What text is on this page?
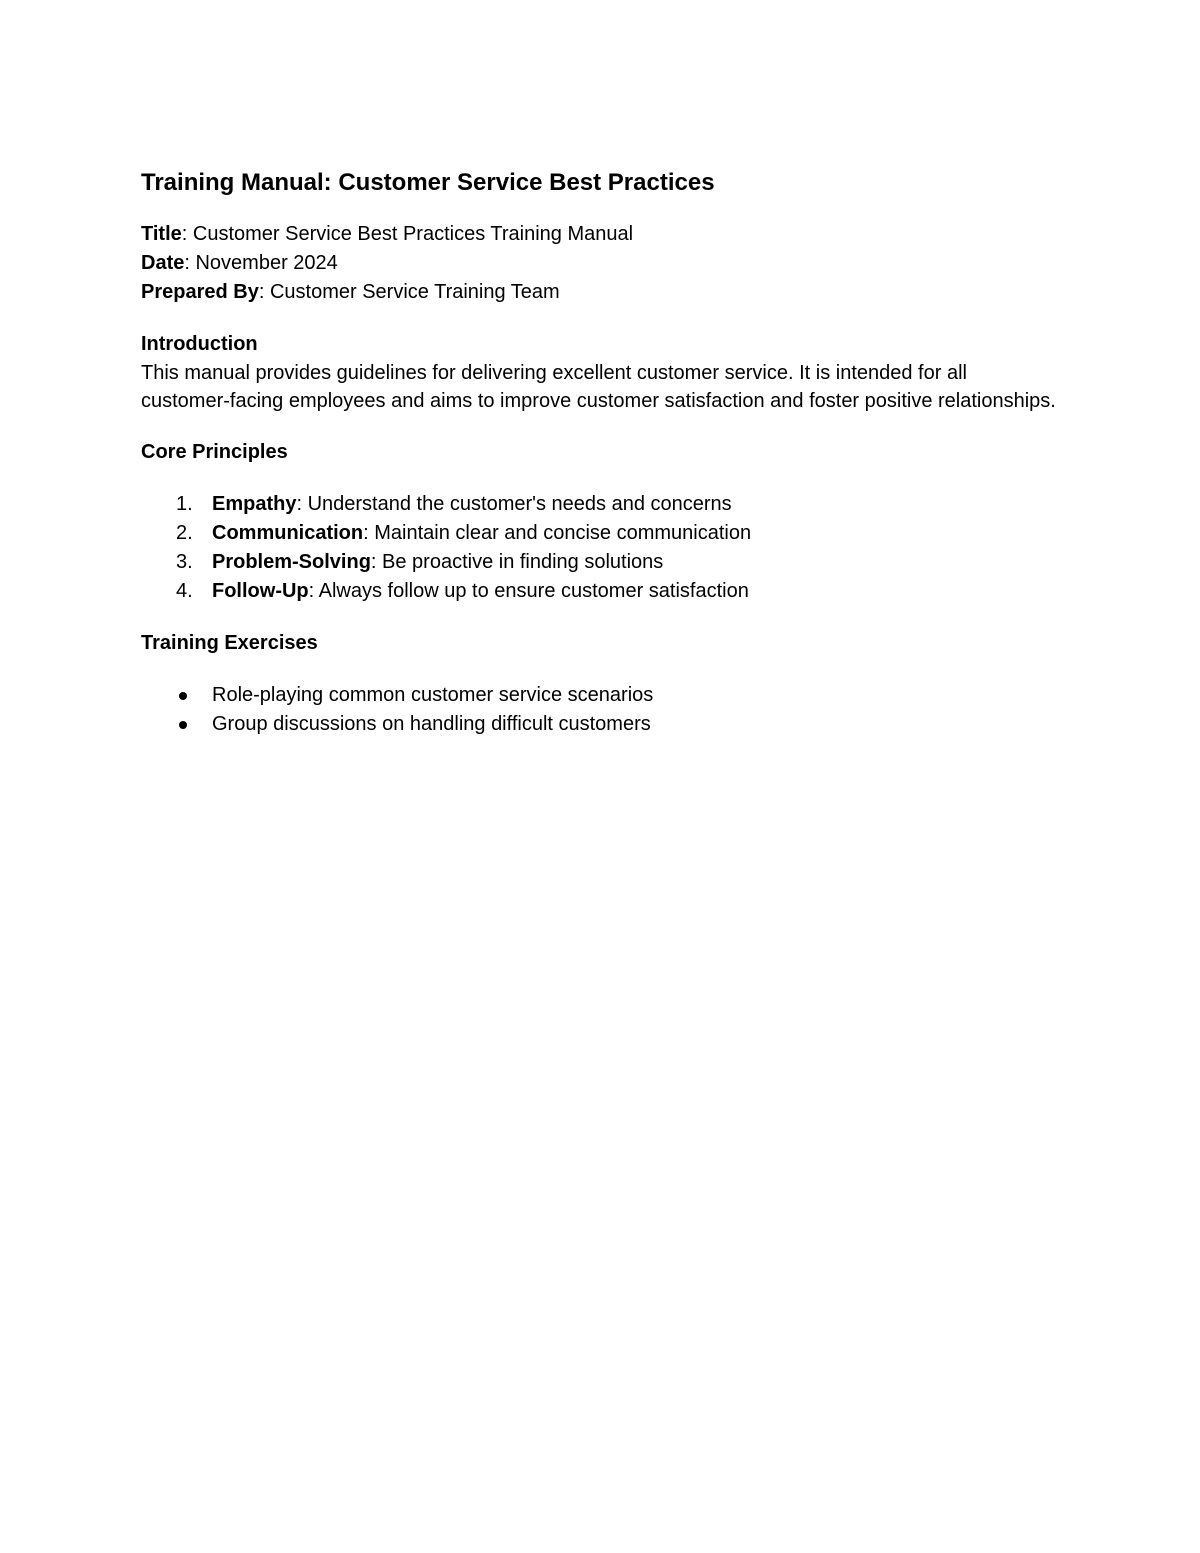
Training Manual: Customer Service Best Practices

Title: Customer Service Best Practices Training Manual

Date: November 2024

Prepared By: Customer Service Training Team

Introduction

This manual provides guidelines for delivering excellent customer service. It is intended for all customer-facing employees and aims to improve customer satisfaction and foster positive relationships.

Core Principles

1. Empathy: Understand the customer's needs and concerns
2. Communication: Maintain clear and concise communication
3. Problem-Solving: Be proactive in finding solutions
4. Follow-Up: Always follow up to ensure customer satisfaction

Training Exercises

Role-playing common customer service scenarios
Group discussions on handling difficult customers
